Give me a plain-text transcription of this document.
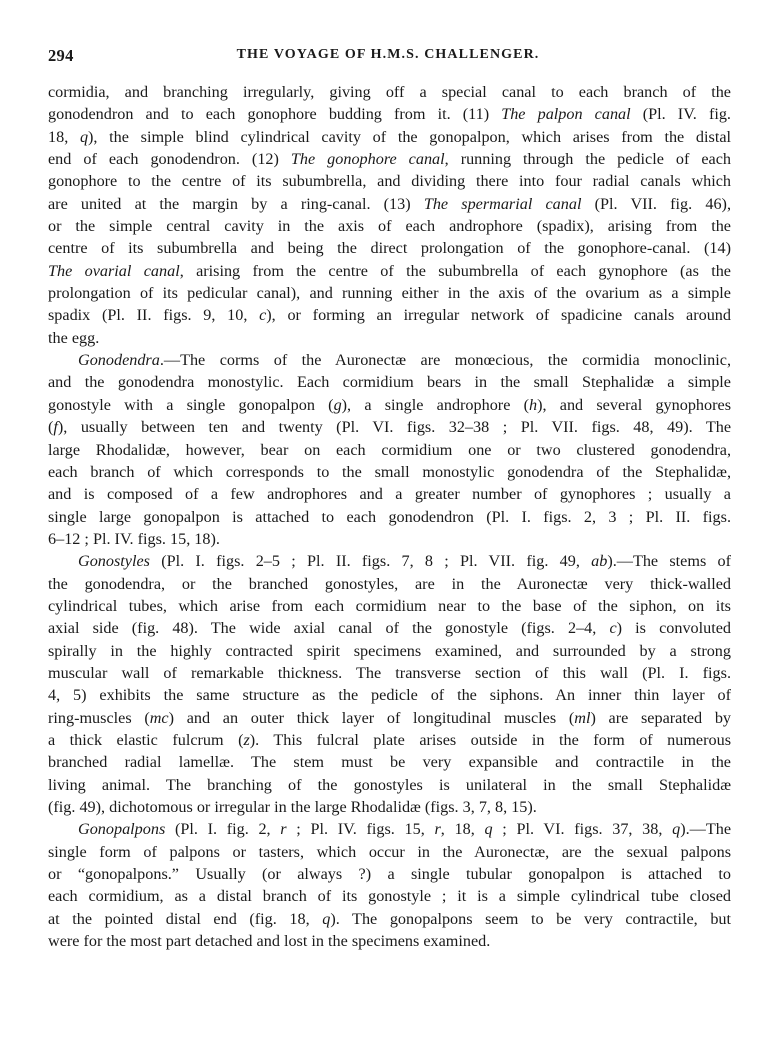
294	THE VOYAGE OF H.M.S. CHALLENGER.
cormidia, and branching irregularly, giving off a special canal to each branch of the
gonodendron and to each gonophore budding from it. (11) The palpon canal (Pl. IV. fig.
18, q), the simple blind cylindrical cavity of the gonopalpon, which arises from the distal
end of each gonodendron. (12) The gonophore canal, running through the pedicle of each
gonophore to the centre of its subumbrella, and dividing there into four radial canals which
are united at the margin by a ring-canal. (13) The spermarial canal (Pl. VII. fig. 46),
or the simple central cavity in the axis of each androphore (spadix), arising from the
centre of its subumbrella and being the direct prolongation of the gonophore-canal. (14)
The ovarial canal, arising from the centre of the subumbrella of each gynophore (as the
prolongation of its pedicular canal), and running either in the axis of the ovarium as a simple
spadix (Pl. II. figs. 9, 10, c), or forming an irregular network of spadicine canals around
the egg.
Gonodendra.—The corms of the Auronectæ are monœcious, the cormidia monoclinic,
and the gonodendra monostylic. Each cormidium bears in the small Stephalidæ a simple
gonostyle with a single gonopalpon (g), a single androphore (h), and several gynophores
(f), usually between ten and twenty (Pl. VI. figs. 32–38 ; Pl. VII. figs. 48, 49). The
large Rhodalidæ, however, bear on each cormidium one or two clustered gonodendra,
each branch of which corresponds to the small monostylic gonodendra of the Stephalidæ,
and is composed of a few androphores and a greater number of gynophores ; usually a
single large gonopalpon is attached to each gonodendron (Pl. I. figs. 2, 3 ; Pl. II. figs.
6–12 ; Pl. IV. figs. 15, 18).
Gonostyles (Pl. I. figs. 2–5 ; Pl. II. figs. 7, 8 ; Pl. VII. fig. 49, ab).—The stems of
the gonodendra, or the branched gonostyles, are in the Auronectæ very thick-walled
cylindrical tubes, which arise from each cormidium near to the base of the siphon, on its
axial side (fig. 48). The wide axial canal of the gonostyle (figs. 2–4, c) is convoluted
spirally in the highly contracted spirit specimens examined, and surrounded by a strong
muscular wall of remarkable thickness. The transverse section of this wall (Pl. I. figs.
4, 5) exhibits the same structure as the pedicle of the siphons. An inner thin layer of
ring-muscles (mc) and an outer thick layer of longitudinal muscles (ml) are separated by
a thick elastic fulcrum (z). This fulcral plate arises outside in the form of numerous
branched radial lamellæ. The stem must be very expansible and contractile in the
living animal. The branching of the gonostyles is unilateral in the small Stephalidæ
(fig. 49), dichotomous or irregular in the large Rhodalidæ (figs. 3, 7, 8, 15).
Gonopalpons (Pl. I. fig. 2, r ; Pl. IV. figs. 15, r, 18, q ; Pl. VI. figs. 37, 38, q).—The
single form of palpons or tasters, which occur in the Auronectæ, are the sexual palpons
or “gonopalpons.” Usually (or always ?) a single tubular gonopalpon is attached to
each cormidium, as a distal branch of its gonostyle ; it is a simple cylindrical tube closed
at the pointed distal end (fig. 18, q). The gonopalpons seem to be very contractile, but
were for the most part detached and lost in the specimens examined.
